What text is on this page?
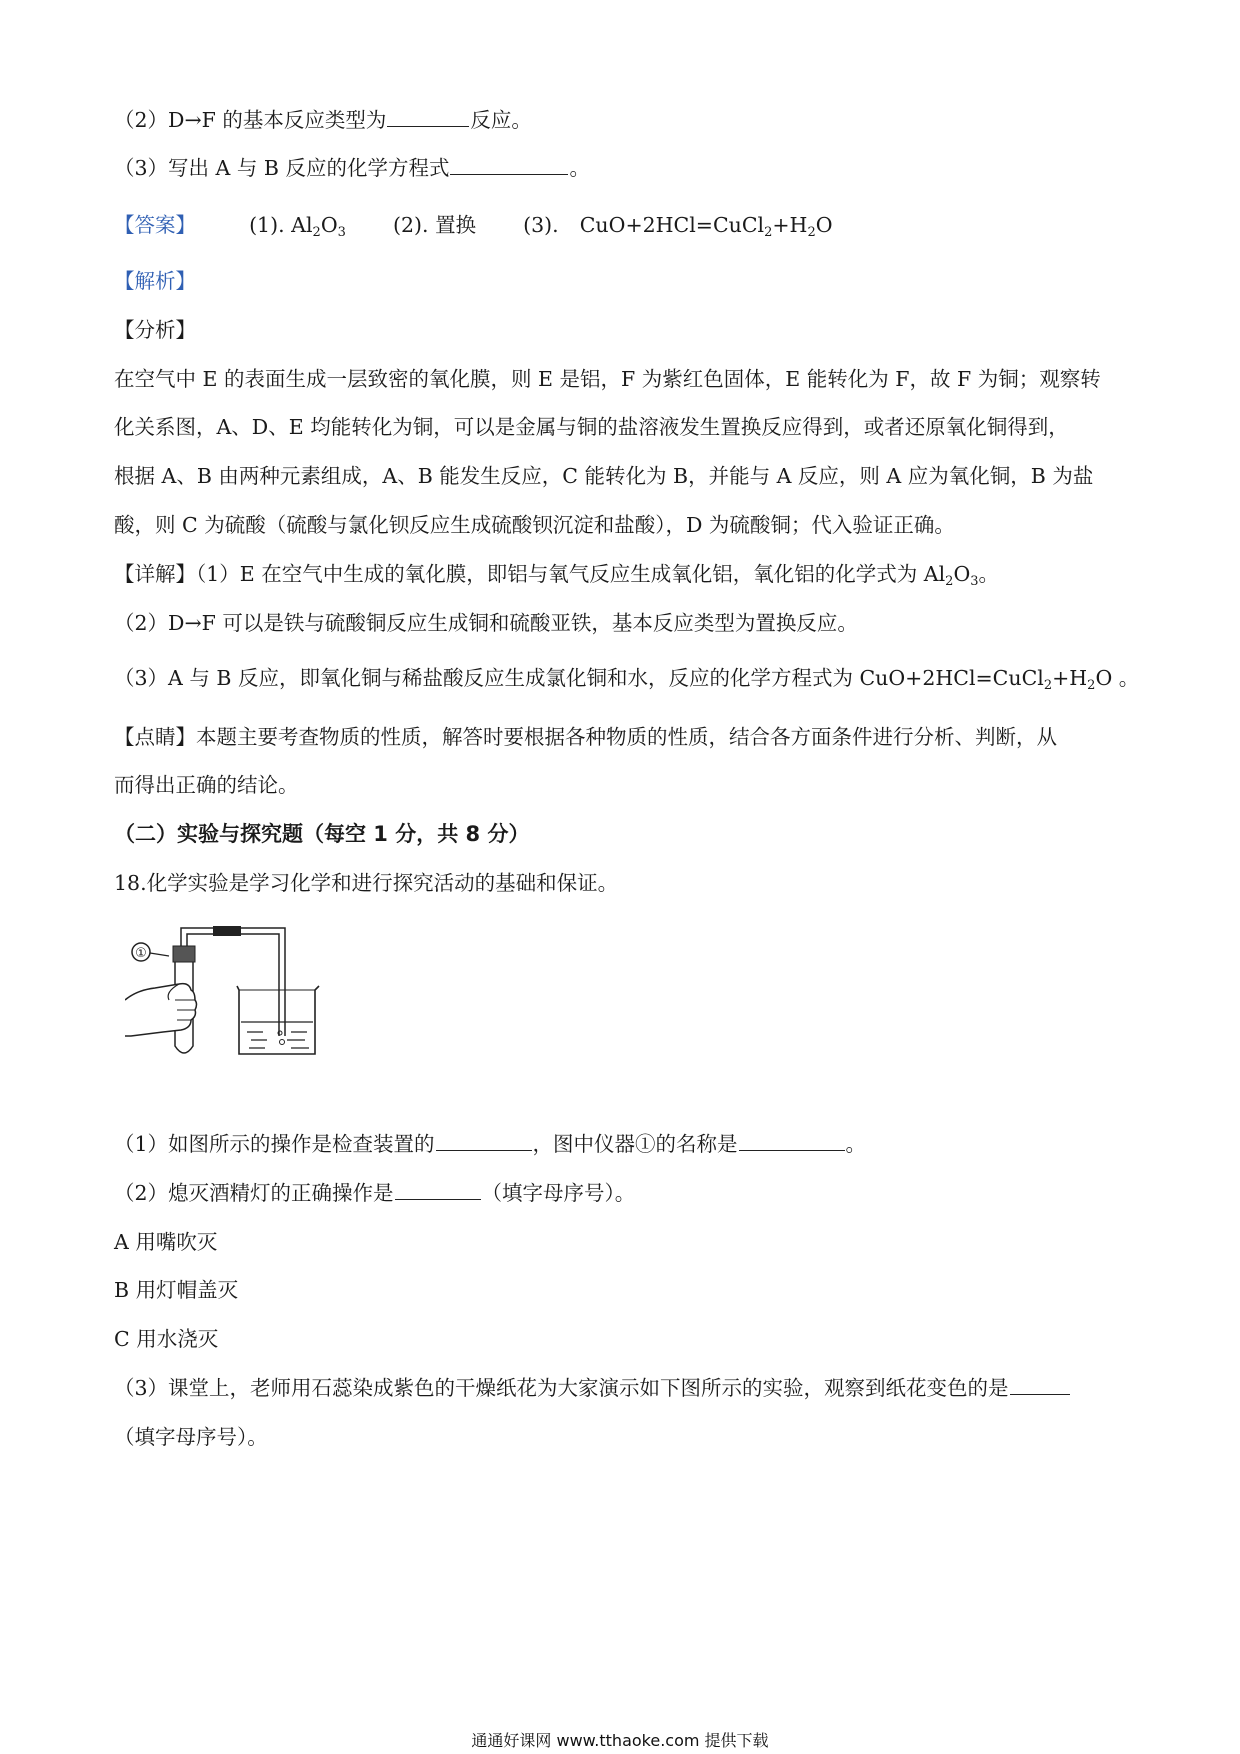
（2）D→F 的基本反应类型为	反应。
（3）写出 A 与 B 反应的化学方程式	。
【答案】	(1). $Al_2O_3$ (2). 置换 (3). $CuO+2HCl=CuCl_2+H_2O$
【解析】
【分析】
在空气中 E 的表面生成一层致密的氧化膜，则 E 是铝，F 为紫红色固体，E 能转化为 F，故 F 为铜；观察转
化关系图，A、D、E 均能转化为铜，可以是金属与铜的盐溶液发生置换反应得到，或者还原氧化铜得到，
根据 A、B 由两种元素组成，A、B 能发生反应，C 能转化为 B，并能与 A 反应，则 A 应为氧化铜，B 为盐
酸，则 C 为硫酸（硫酸与氯化钡反应生成硫酸钡沉淀和盐酸），D 为硫酸铜；代入验证正确。
【详解】（1）E 在空气中生成的氧化膜，即铝与氧气反应生成氧化铝，氧化铝的化学式为 $Al_2O_3$。
（2）D→F 可以是铁与硫酸铜反应生成铜和硫酸亚铁，基本反应类型为置换反应。
（3）A 与 B 反应，即氧化铜与稀盐酸反应生成氯化铜和水，反应的化学方程式为 $CuO+2HCl=CuCl_2+H_2O$ 。
【点睛】本题主要考查物质的性质，解答时要根据各种物质的性质，结合各方面条件进行分析、判断，从
而得出正确的结论。
（二）实验与探究题（每空 1 分，共 8 分）
18.化学实验是学习化学和进行探究活动的基础和保证。
①
（1）如图所示的操作是检查装置的	，图中仪器①的名称是	。
（2）熄灭酒精灯的正确操作是	（填字母序号）。
A 用嘴吹灭
B 用灯帽盖灭
C 用水浇灭
（3）课堂上，老师用石蕊染成紫色的干燥纸花为大家演示如下图所示的实验，观察到纸花变色的是
（填字母序号）。
通通好课网 www.tthaoke.com 提供下载
